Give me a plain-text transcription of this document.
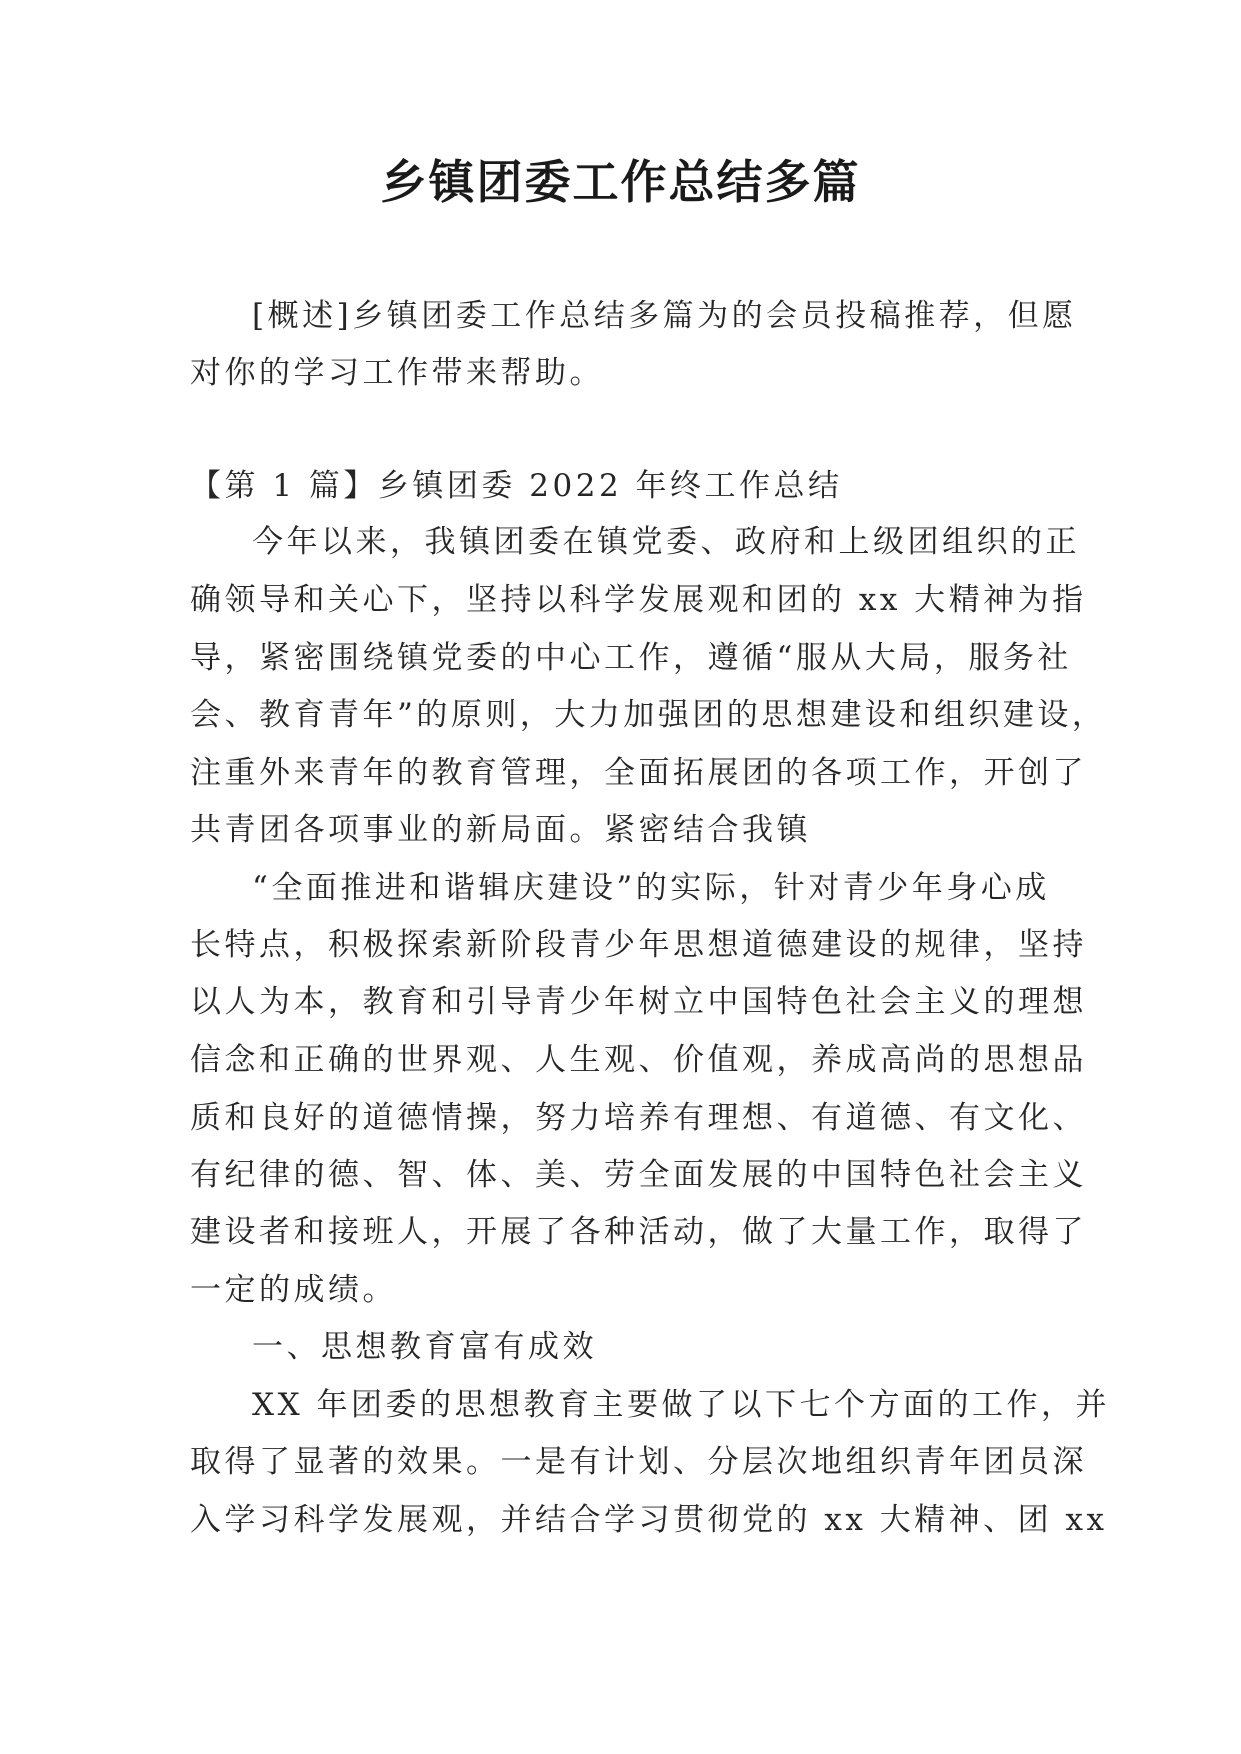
乡镇团委工作总结多篇
[概述]乡镇团委工作总结多篇为的会员投稿推荐，但愿
对你的学习工作带来帮助。
【第 1 篇】乡镇团委 2022 年终工作总结
今年以来，我镇团委在镇党委、政府和上级团组织的正
确领导和关心下，坚持以科学发展观和团的 xx 大精神为指
导，紧密围绕镇党委的中心工作，遵循“服从大局，服务社
会、教育青年”的原则，大力加强团的思想建设和组织建设，
注重外来青年的教育管理，全面拓展团的各项工作，开创了
共青团各项事业的新局面。紧密结合我镇
“全面推进和谐辑庆建设”的实际，针对青少年身心成
长特点，积极探索新阶段青少年思想道德建设的规律，坚持
以人为本，教育和引导青少年树立中国特色社会主义的理想
信念和正确的世界观、人生观、价值观，养成高尚的思想品
质和良好的道德情操，努力培养有理想、有道德、有文化、
有纪律的德、智、体、美、劳全面发展的中国特色社会主义
建设者和接班人，开展了各种活动，做了大量工作，取得了
一定的成绩。
一、思想教育富有成效
XX 年团委的思想教育主要做了以下七个方面的工作，并
取得了显著的效果。一是有计划、分层次地组织青年团员深
入学习科学发展观，并结合学习贯彻党的 xx 大精神、团 xx
